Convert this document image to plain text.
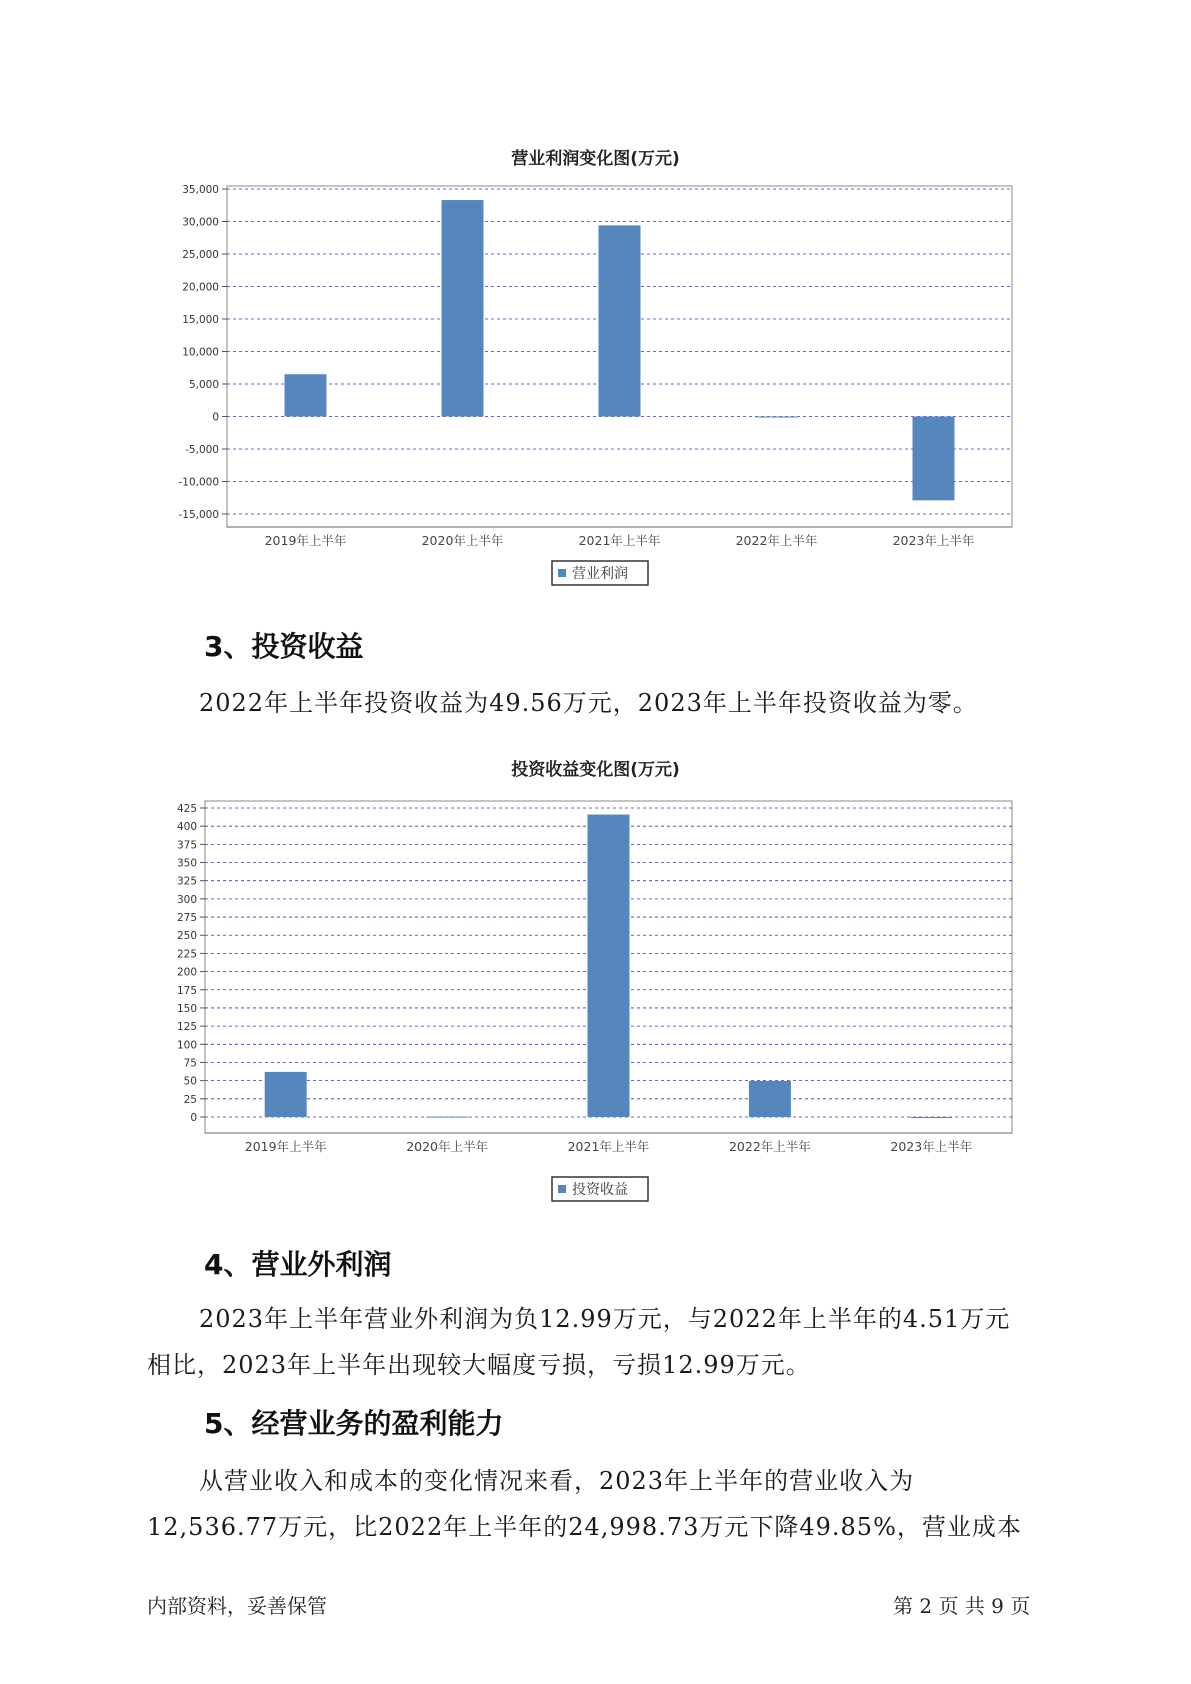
营业利润变化图(万元)
35,000
30,000
25,000
20,000
15,000
10,000
5,000
0
-5,000
-10,000
-15,000
2019年上半年	2020年上半年	2021年上半年	2022年上半年	2023年上半年
营业利润
3、投资收益
2022年上半年投资收益为49.56万元，2023年上半年投资收益为零。
投资收益变化图(万元)
425
400
375
350
325
300
275
250
225
200
175
150
125
100
75
50
25
0
2019年上半年	2020年上半年	2021年上半年	2022年上半年	2023年上半年
投资收益
4、营业外利润
2023年上半年营业外利润为负12.99万元，与2022年上半年的4.51万元
相比，2023年上半年出现较大幅度亏损，亏损12.99万元。
5、经营业务的盈利能力
从营业收入和成本的变化情况来看，2023年上半年的营业收入为
12,536.77万元，比2022年上半年的24,998.73万元下降49.85%，营业成本
内部资料，妥善保管	第 2 页 共 9 页
